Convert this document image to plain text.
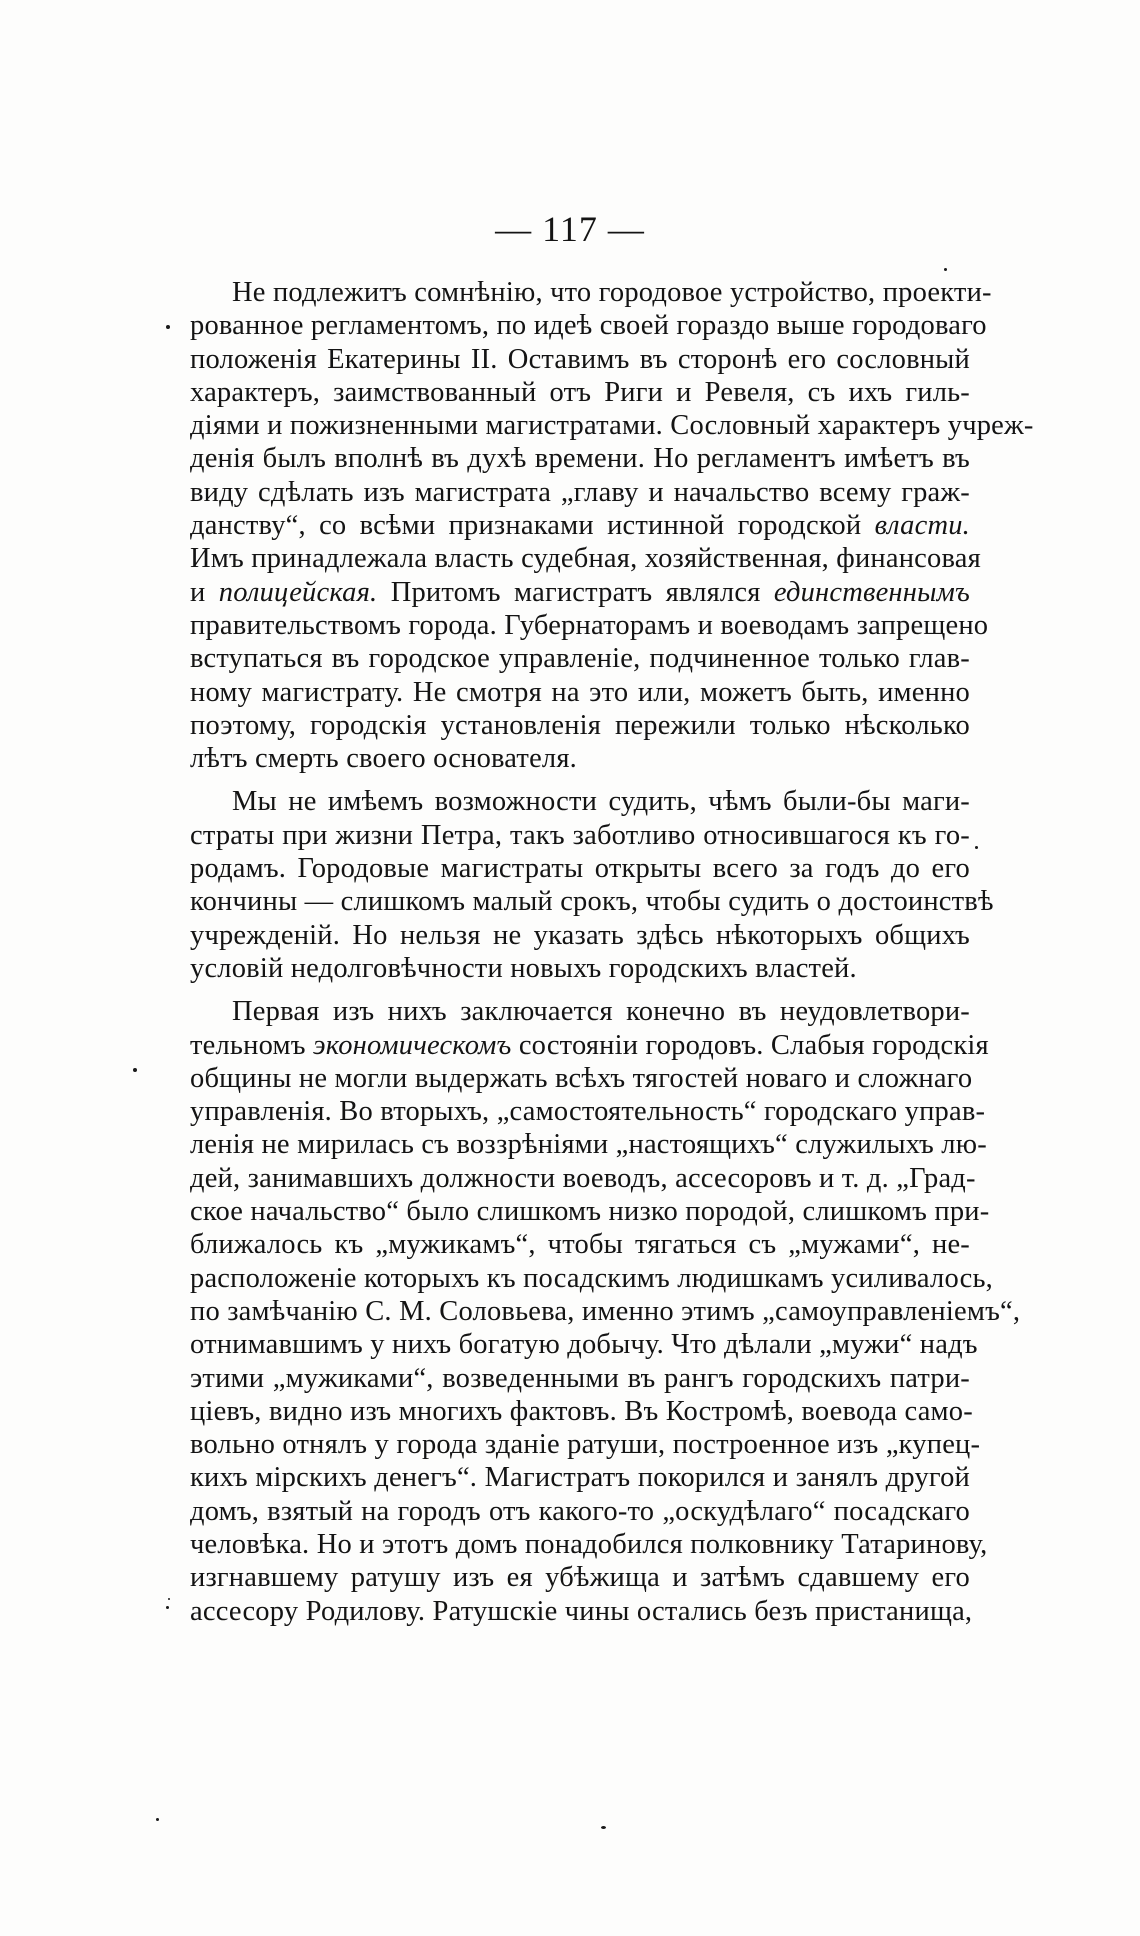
— 117 —
Не подлежитъ сомнѣнію, что городовое устройство, проекти-
рованное регламентомъ, по идеѣ своей гораздо выше городоваго
положенія Екатерины II. Оставимъ въ сторонѣ его сословный
характеръ, заимствованный отъ Риги и Ревеля, съ ихъ гиль-
діями и пожизненными магистратами. Сословный характеръ учреж-
денія былъ вполнѣ въ духѣ времени. Но регламентъ имѣетъ въ
виду сдѣлать изъ магистрата „главу и начальство всему граж-
данству“, со всѣми признаками истинной городской власти.
Имъ принадлежала власть судебная, хозяйственная, финансовая
и полицейская. Притомъ магистратъ являлся единственнымъ
правительствомъ города. Губернаторамъ и воеводамъ запрещено
вступаться въ городское управленіе, подчиненное только глав-
ному магистрату. Не смотря на это или, можетъ быть, именно
поэтому, городскія установленія пережили только нѣсколько
лѣтъ смерть своего основателя.
Мы не имѣемъ возможности судить, чѣмъ были-бы маги-
страты при жизни Петра, такъ заботливо относившагося къ го-
родамъ. Городовые магистраты открыты всего за годъ до его
кончины — слишкомъ малый срокъ, чтобы судить о достоинствѣ
учрежденій. Но нельзя не указать здѣсь нѣкоторыхъ общихъ
условій недолговѣчности новыхъ городскихъ властей.
Первая изъ нихъ заключается конечно въ неудовлетвори-
тельномъ экономическомъ состояніи городовъ. Слабыя городскія
общины не могли выдержать всѣхъ тягостей новаго и сложнаго
управленія. Во вторыхъ, „самостоятельность“ городскаго управ-
ленія не мирилась съ воззрѣніями „настоящихъ“ служилыхъ лю-
дей, занимавшихъ должности воеводъ, ассесоровъ и т. д. „Град-
ское начальство“ было слишкомъ низко породой, слишкомъ при-
ближалось къ „мужикамъ“, чтобы тягаться съ „мужами“, не-
расположеніе которыхъ къ посадскимъ людишкамъ усиливалось,
по замѣчанію С. М. Соловьева, именно этимъ „самоуправленіемъ“,
отнимавшимъ у нихъ богатую добычу. Что дѣлали „мужи“ надъ
этими „мужиками“, возведенными въ рангъ городскихъ патри-
ціевъ, видно изъ многихъ фактовъ. Въ Костромѣ, воевода само-
вольно отнялъ у города зданіе ратуши, построенное изъ „купец-
кихъ мірскихъ денегъ“. Магистратъ покорился и занялъ другой
домъ, взятый на городъ отъ какого-то „оскудѣлаго“ посадскаго
человѣка. Но и этотъ домъ понадобился полковнику Татаринову,
изгнавшему ратушу изъ ея убѣжища и затѣмъ сдавшему его
ассесору Родилову. Ратушскіе чины остались безъ пристанища,
